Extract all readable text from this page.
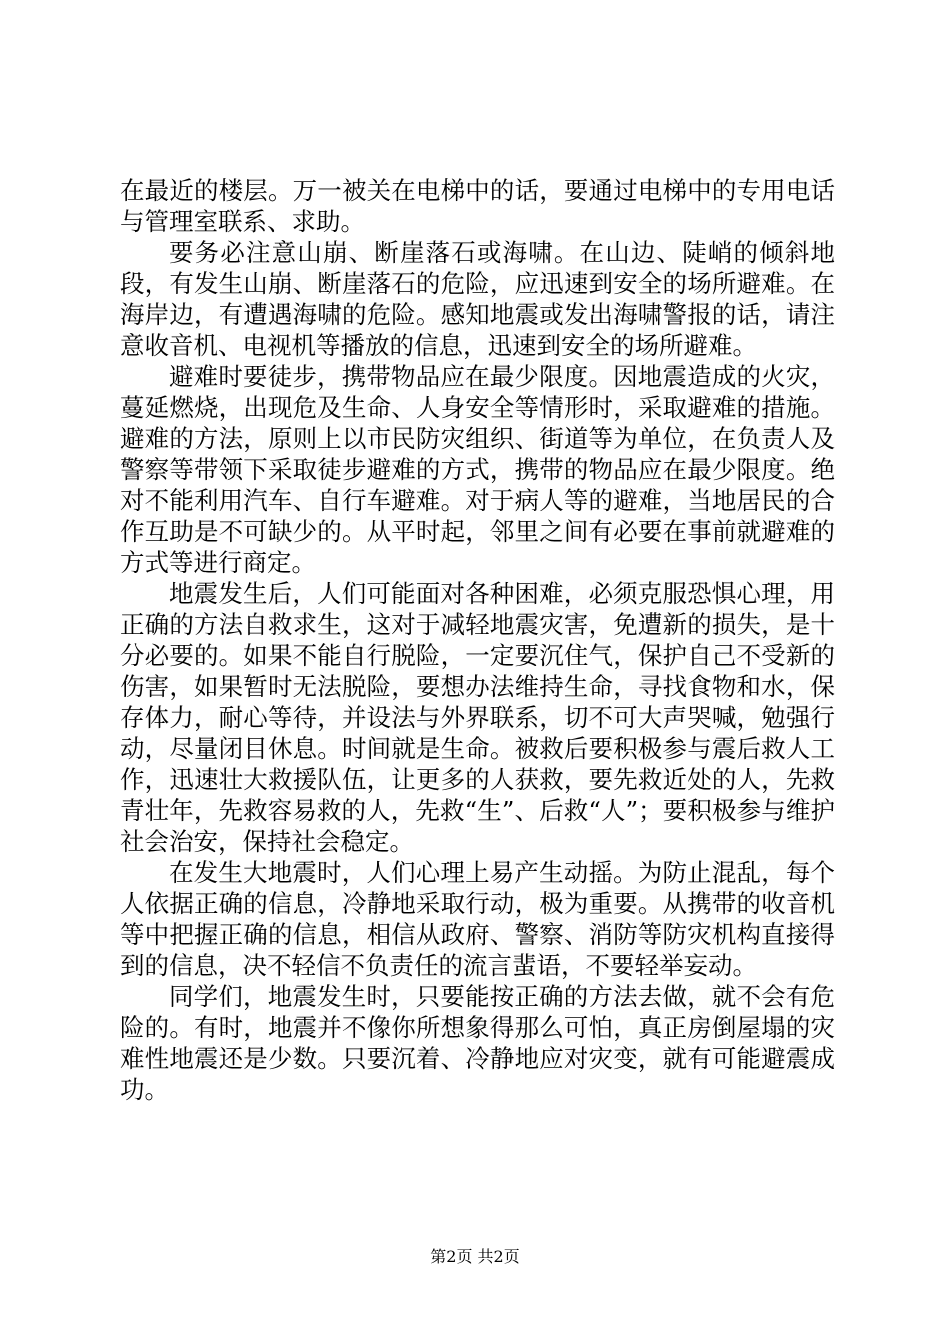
在最近的楼层。万一被关在电梯中的话，要通过电梯中的专用电话与管理室联系、求助。

要务必注意山崩、断崖落石或海啸。在山边、陡峭的倾斜地段，有发生山崩、断崖落石的危险，应迅速到安全的场所避难。在海岸边，有遭遇海啸的危险。感知地震或发出海啸警报的话，请注意收音机、电视机等播放的信息，迅速到安全的场所避难。

避难时要徒步，携带物品应在最少限度。因地震造成的火灾，蔓延燃烧，出现危及生命、人身安全等情形时，采取避难的措施。避难的方法，原则上以市民防灾组织、街道等为单位，在负责人及警察等带领下采取徒步避难的方式，携带的物品应在最少限度。绝对不能利用汽车、自行车避难。对于病人等的避难，当地居民的合作互助是不可缺少的。从平时起，邻里之间有必要在事前就避难的方式等进行商定。

地震发生后，人们可能面对各种困难，必须克服恐惧心理，用正确的方法自救求生，这对于减轻地震灾害，免遭新的损失，是十分必要的。如果不能自行脱险，一定要沉住气，保护自己不受新的伤害，如果暂时无法脱险，要想办法维持生命，寻找食物和水，保存体力，耐心等待，并设法与外界联系，切不可大声哭喊，勉强行动，尽量闭目休息。时间就是生命。被救后要积极参与震后救人工作，迅速壮大救援队伍，让更多的人获救，要先救近处的人，先救青壮年，先救容易救的人，先救“生”、后救“人”；要积极参与维护社会治安，保持社会稳定。

在发生大地震时，人们心理上易产生动摇。为防止混乱，每个人依据正确的信息，冷静地采取行动，极为重要。从携带的收音机等中把握正确的信息，相信从政府、警察、消防等防灾机构直接得到的信息，决不轻信不负责任的流言蜚语，不要轻举妄动。

同学们，地震发生时，只要能按正确的方法去做，就不会有危险的。有时，地震并不像你所想象得那么可怕，真正房倒屋塌的灾难性地震还是少数。只要沉着、冷静地应对灾变，就有可能避震成功。

第2页 共2页
